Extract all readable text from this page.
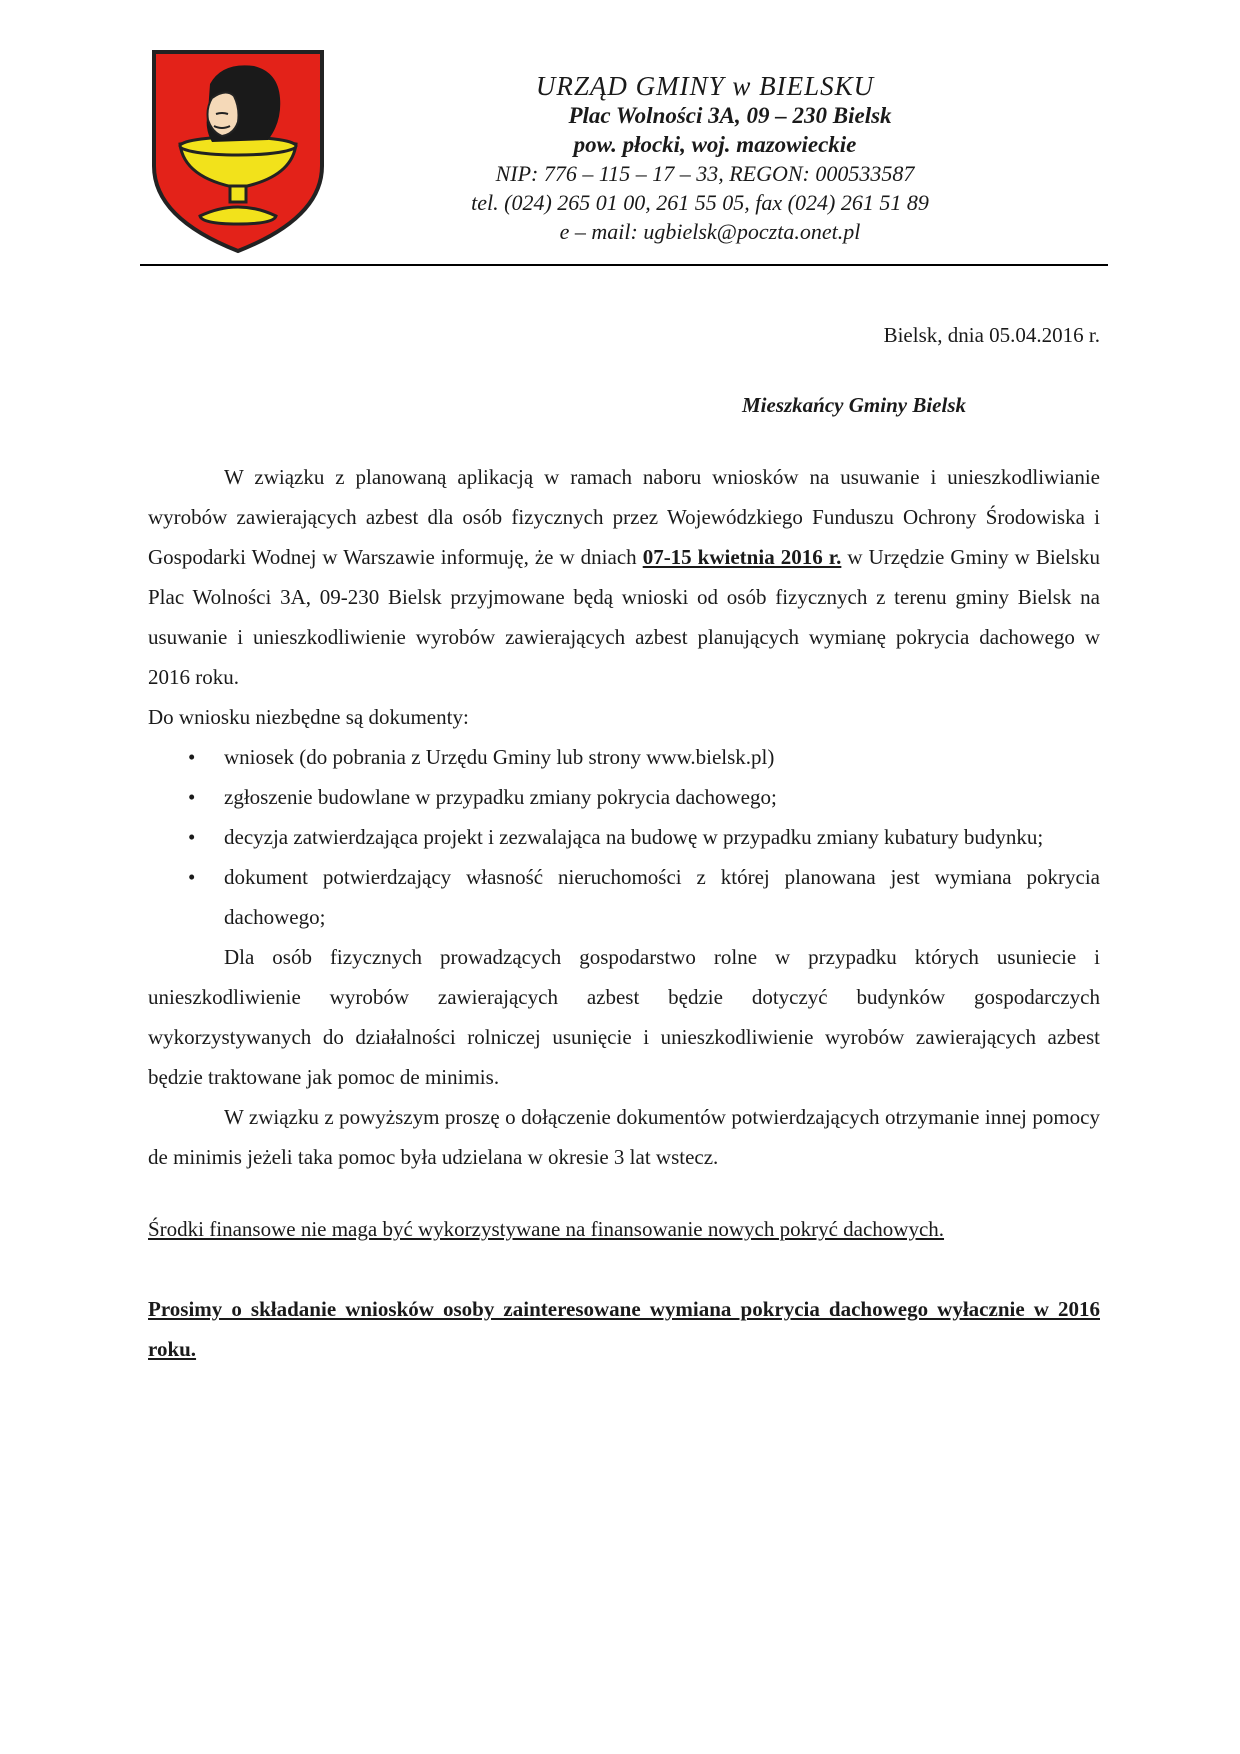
URZĄD GMINY w BIELSKU
Plac Wolności 3A, 09 – 230 Bielsk
pow. płocki, woj. mazowieckie
NIP: 776 – 115 – 17 – 33, REGON: 000533587
tel. (024) 265 01 00, 261 55 05, fax (024) 261 51 89
e – mail: ugbielsk@poczta.onet.pl
Bielsk, dnia 05.04.2016 r.
Mieszkańcy Gminy Bielsk

W związku z planowaną aplikacją w ramach naboru wniosków na usuwanie i unieszkodliwianie wyrobów zawierających azbest dla osób fizycznych przez Wojewódzkiego Funduszu Ochrony Środowiska i Gospodarki Wodnej w Warszawie informuję, że w dniach 07-15 kwietnia 2016 r. w Urzędzie Gminy w Bielsku Plac Wolności 3A, 09-230 Bielsk przyjmowane będą wnioski od osób fizycznych z terenu gminy Bielsk na usuwanie i unieszkodliwienie wyrobów zawierających azbest planujących wymianę pokrycia dachowego w 2016 roku.

Do wniosku niezbędne są dokumenty:

• wniosek (do pobrania z Urzędu Gminy lub strony www.bielsk.pl)
• zgłoszenie budowlane w przypadku zmiany pokrycia dachowego;
• decyzja zatwierdzająca projekt i zezwalająca na budowę w przypadku zmiany kubatury budynku;
• dokument potwierdzający własność nieruchomości z której planowana jest wymiana pokrycia dachowego;

Dla osób fizycznych prowadzących gospodarstwo rolne w przypadku których usuniecie i unieszkodliwienie wyrobów zawierających azbest będzie dotyczyć budynków gospodarczych wykorzystywanych do działalności rolniczej usunięcie i unieszkodliwienie wyrobów zawierających azbest będzie traktowane jak pomoc de minimis.

W związku z powyższym proszę o dołączenie dokumentów potwierdzających otrzymanie innej pomocy de minimis jeżeli taka pomoc była udzielana w okresie 3 lat wstecz.

Środki finansowe nie maga być wykorzystywane na finansowanie nowych pokryć dachowych.

Prosimy o składanie wniosków osoby zainteresowane wymiana pokrycia dachowego wyłacznie w 2016 roku.
